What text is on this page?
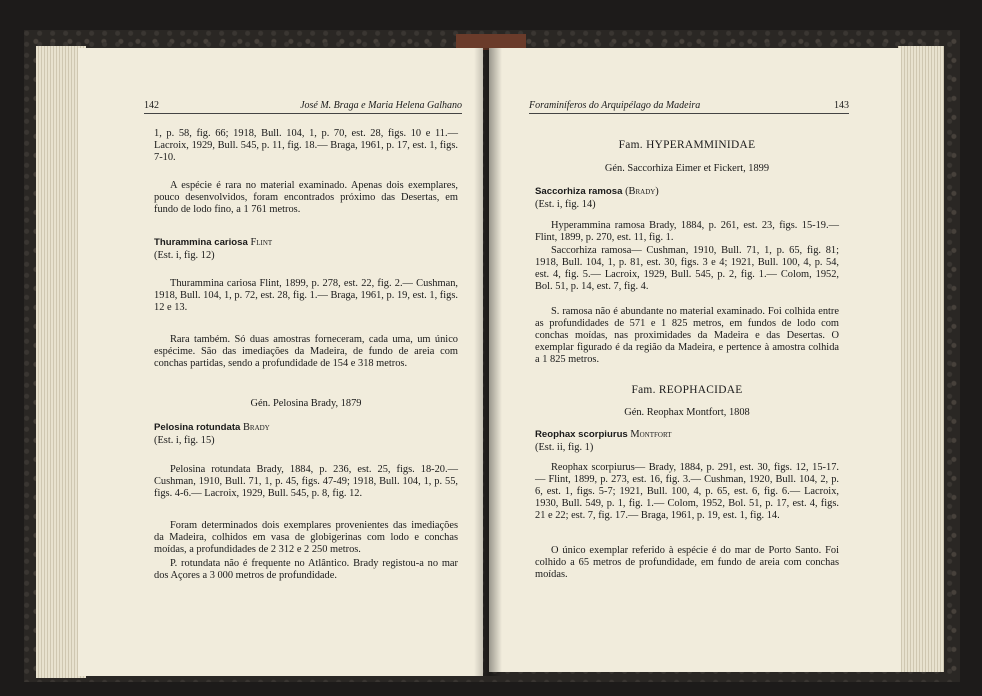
142	José M. Braga e Maria Helena Galhano

1, p. 58, fig. 66; 1918, Bull. 104, 1, p. 70, est. 28, figs. 10 e 11.— Lacroix, 1929, Bull. 545, p. 11, fig. 18.— Braga, 1961, p. 17, est. 1, figs. 7-10.

A espécie é rara no material examinado. Apenas dois exemplares, pouco desenvolvidos, foram encontrados próximo das Desertas, em fundo de lodo fino, a 1 761 metros.

Thurammina cariosa Flint
(Est. i, fig. 12)

Thurammina cariosa Flint, 1899, p. 278, est. 22, fig. 2.— Cushman, 1918, Bull. 104, 1, p. 72, est. 28, fig. 1.— Braga, 1961, p. 19, est. 1, figs. 12 e 13.

Rara também. Só duas amostras forneceram, cada uma, um único espécime. São das imediações da Madeira, de fundo de areia com conchas partidas, sendo a profundidade de 154 e 318 metros.

Gén. Pelosina Brady, 1879
Pelosina rotundata Brady
(Est. i, fig. 15)

Pelosina rotundata Brady, 1884, p. 236, est. 25, figs. 18-20.— Cushman, 1910, Bull. 71, 1, p. 45, figs. 47-49; 1918, Bull. 104, 1, p. 55, figs. 4-6.— Lacroix, 1929, Bull. 545, p. 8, fig. 12.

Foram determinados dois exemplares provenientes das imediações da Madeira, colhidos em vasa de globigerinas com lodo e conchas moídas, a profundidades de 2 312 e 2 250 metros.

P. rotundata não é frequente no Atlântico. Brady registou-a no mar dos Açores a 3 000 metros de profundidade.

Foraminíferos do Arquipélago da Madeira	143
Fam. HYPERAMMINIDAE
Gén. Saccorhiza Eimer et Fickert, 1899
Saccorhiza ramosa (Brady)
(Est. i, fig. 14)

Hyperammina ramosa Brady, 1884, p. 261, est. 23, figs. 15-19.— Flint, 1899, p. 270, est. 11, fig. 1.

Saccorhiza ramosa— Cushman, 1910, Bull. 71, 1, p. 65, fig. 81; 1918, Bull. 104, 1, p. 81, est. 30, figs. 3 e 4; 1921, Bull. 100, 4, p. 54, est. 4, fig. 5.— Lacroix, 1929, Bull. 545, p. 2, fig. 1.— Colom, 1952, Bol. 51, p. 14, est. 7, fig. 4.

S. ramosa não é abundante no material examinado. Foi colhida entre as profundidades de 571 e 1 825 metros, em fundos de lodo com conchas moídas, nas proximidades da Madeira e das Desertas. O exemplar figurado é da região da Madeira, e pertence à amostra colhida a 1 825 metros.

Fam. REOPHACIDAE
Gén. Reophax Montfort, 1808
Reophax scorpiurus Montfort
(Est. ii, fig. 1)

Reophax scorpiurus— Brady, 1884, p. 291, est. 30, figs. 12, 15-17.— Flint, 1899, p. 273, est. 16, fig. 3.— Cushman, 1920, Bull. 104, 2, p. 6, est. 1, figs. 5-7; 1921, Bull. 100, 4, p. 65, est. 6, fig. 6.— Lacroix, 1930, Bull. 549, p. 1, fig. 1.— Colom, 1952, Bol. 51, p. 17, est. 4, figs. 21 e 22; est. 7, fig. 17.— Braga, 1961, p. 19, est. 1, fig. 14.

O único exemplar referido à espécie é do mar de Porto Santo. Foi colhido a 65 metros de profundidade, em fundo de areia com conchas moídas.
